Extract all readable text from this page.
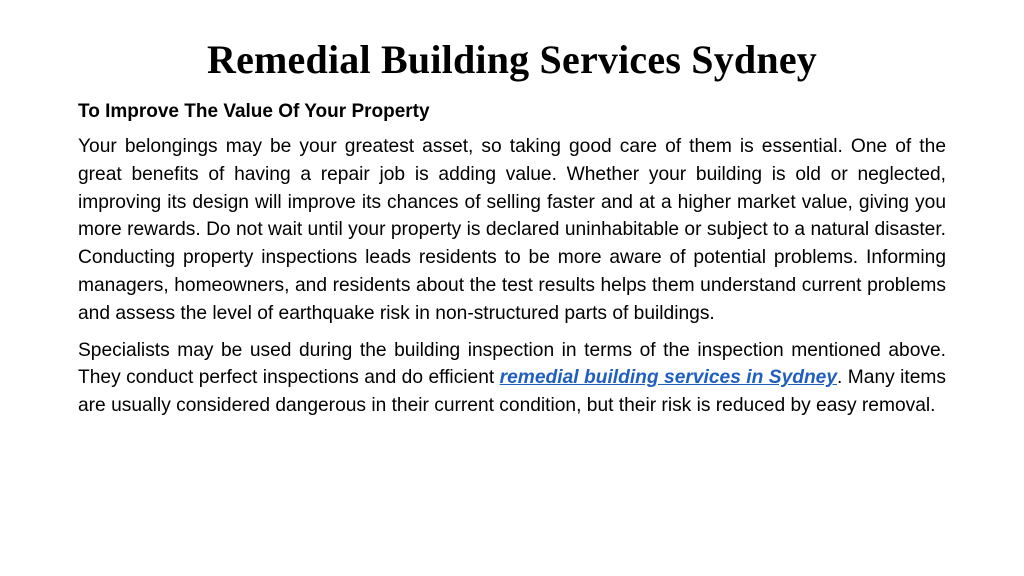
Remedial Building Services Sydney

To Improve The Value Of Your Property

Your belongings may be your greatest asset, so taking good care of them is essential. One of the great benefits of having a repair job is adding value. Whether your building is old or neglected, improving its design will improve its chances of selling faster and at a higher market value, giving you more rewards. Do not wait until your property is declared uninhabitable or subject to a natural disaster. Conducting property inspections leads residents to be more aware of potential problems. Informing managers, homeowners, and residents about the test results helps them understand current problems and assess the level of earthquake risk in non-structured parts of buildings.

Specialists may be used during the building inspection in terms of the inspection mentioned above. They conduct perfect inspections and do efficient remedial building services in Sydney. Many items are usually considered dangerous in their current condition, but their risk is reduced by easy removal.
